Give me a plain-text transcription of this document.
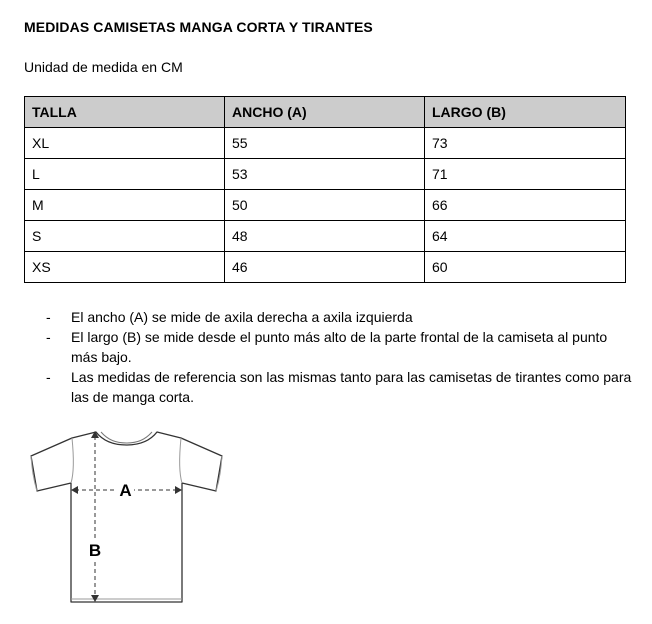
MEDIDAS CAMISETAS MANGA CORTA Y TIRANTES
Unidad de medida en CM
TALLA	ANCHO (A)	LARGO (B)
XL	55	73
L	53	71
M	50	66
S	48	64
XS	46	60
- El ancho (A) se mide de axila derecha a axila izquierda
- El largo (B) se mide desde el punto más alto de la parte frontal de la camiseta al punto más bajo.
- Las medidas de referencia son las mismas tanto para las camisetas de tirantes como para las de manga corta.
A
B
